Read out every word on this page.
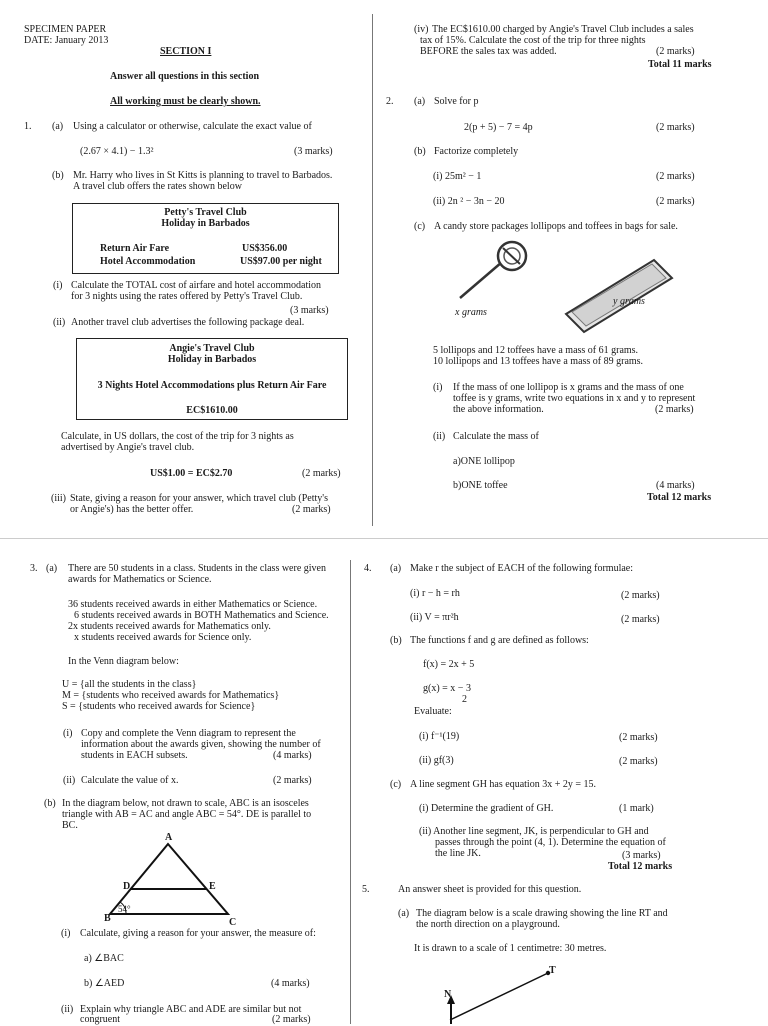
SPECIMEN PAPER
DATE: January 2013
SECTION I
Answer all questions in this section
All working must be clearly shown.
1. (a) Using a calculator or otherwise, calculate the exact value of
(2.67 × 4.1) − 1.3²	(3 marks)
(b) Mr. Harry who lives in St Kitts is planning to travel to Barbados.
A travel club offers the rates shown below
Petty's Travel Club
Holiday in Barbados
Return Air Fare	US$356.00
Hotel Accommodation	US$97.00 per night
(i) Calculate the TOTAL cost of airfare and hotel accommodation
for 3 nights using the rates offered by Petty's Travel Club.
(3 marks)
(ii) Another travel club advertises the following package deal.
Angie's Travel Club
Holiday in Barbados
3 Nights Hotel Accommodations plus Return Air Fare
EC$1610.00
Calculate, in US dollars, the cost of the trip for 3 nights as
advertised by Angie's travel club.
US$1.00 = EC$2.70	(2 marks)
(iii) State, giving a reason for your answer, which travel club (Petty's
or Angie's) has the better offer.	(2 marks)
(iv) The EC$1610.00 charged by Angie's Travel Club includes a sales
tax of 15%. Calculate the cost of the trip for three nights
BEFORE the sales tax was added.	(2 marks)
Total 11 marks
2. (a) Solve for p
2(p + 5) − 7 = 4p	(2 marks)
(b) Factorize completely
(i) 25m² − 1	(2 marks)
(ii) 2n ² − 3n − 20	(2 marks)
(c) A candy store packages lollipops and toffees in bags for sale.
x grams
y grams
5 lollipops and 12 toffees have a mass of 61 grams.
10 lollipops and 13 toffees have a mass of 89 grams.
(i) If the mass of one lollipop is x grams and the mass of one
toffee is y grams, write two equations in x and y to represent
the above information.	(2 marks)
(ii) Calculate the mass of
a)ONE lollipop
b)ONE toffee	(4 marks)
Total 12 marks
3. (a) There are 50 students in a class. Students in the class were given
awards for Mathematics or Science.
36 students received awards in either Mathematics or Science.
6 students received awards in BOTH Mathematics and Science.
2x students received awards for Mathematics only.
x students received awards for Science only.
In the Venn diagram below:
U = {all the students in the class}
M = {students who received awards for Mathematics}
S = {students who received awards for Science}
(i) Copy and complete the Venn diagram to represent the
information about the awards given, showing the number of
students in EACH subsets.	(4 marks)
(ii) Calculate the value of x.	(2 marks)
(b) In the diagram below, not drawn to scale, ABC is an isosceles
triangle with AB = AC and angle ABC = 54°. DE is parallel to
BC.
A
D	E
54°
B	C
(i) Calculate, giving a reason for your answer, the measure of:
a) ∠BAC
b) ∠AED	(4 marks)
(ii) Explain why triangle ABC and ADE are similar but not
congruent	(2 marks)
4. (a) Make r the subject of EACH of the following formulae:
(i) r − h = rh	(2 marks)
(ii) V = πr²h	(2 marks)
(b) The functions f and g are defined as follows:
f(x) = 2x + 5
g(x) = x − 3
2
Evaluate:
(i) f⁻¹(19)	(2 marks)
(ii) gf(3)	(2 marks)
(c) A line segment GH has equation 3x + 2y = 15.
(i) Determine the gradient of GH.	(1 mark)
(ii) Another line segment, JK, is perpendicular to GH and
passes through the point (4, 1). Determine the equation of
the line JK.	(3 marks)
Total 12 marks
5.	An answer sheet is provided for this question.
(a) The diagram below is a scale drawing showing the line RT and
the north direction on a playground.
It is drawn to a scale of 1 centimetre: 30 metres.
T
N
